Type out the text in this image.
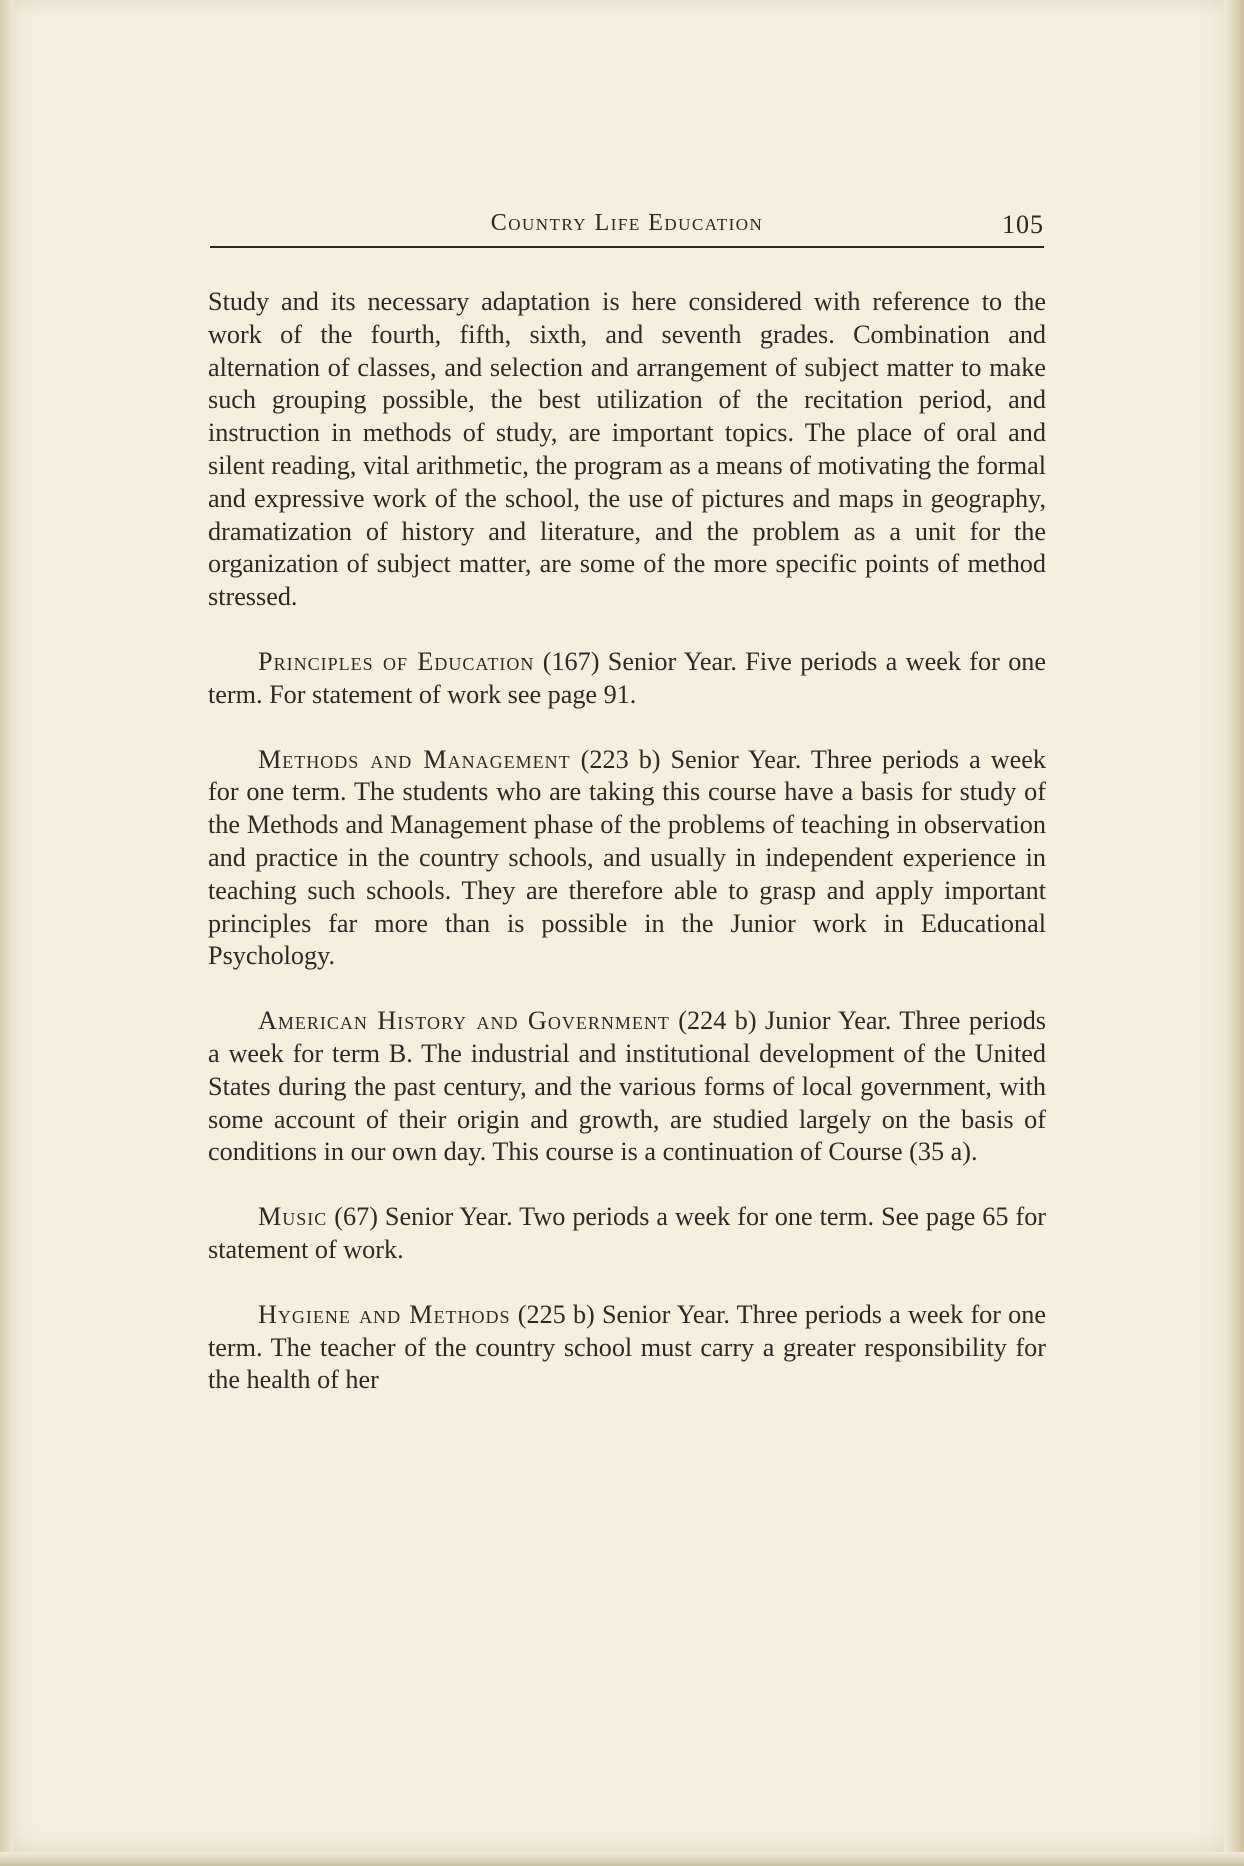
Country Life Education	105

Study and its necessary adaptation is here considered with reference to the work of the fourth, fifth, sixth, and seventh grades. Combination and alternation of classes, and selection and arrangement of subject matter to make such grouping possible, the best utilization of the recitation period, and instruction in methods of study, are important topics. The place of oral and silent reading, vital arithmetic, the program as a means of motivating the formal and expressive work of the school, the use of pictures and maps in geography, dramatization of history and literature, and the problem as a unit for the organization of subject matter, are some of the more specific points of method stressed.

Principles of Education (167) Senior Year. Five periods a week for one term. For statement of work see page 91.

Methods and Management (223 b) Senior Year. Three periods a week for one term. The students who are taking this course have a basis for study of the Methods and Management phase of the problems of teaching in observation and practice in the country schools, and usually in independent experience in teaching such schools. They are therefore able to grasp and apply important principles far more than is possible in the Junior work in Educational Psychology.

American History and Government (224 b) Junior Year. Three periods a week for term B. The industrial and institutional development of the United States during the past century, and the various forms of local government, with some account of their origin and growth, are studied largely on the basis of conditions in our own day. This course is a continuation of Course (35 a).

Music (67) Senior Year. Two periods a week for one term. See page 65 for statement of work.

Hygiene and Methods (225 b) Senior Year. Three periods a week for one term. The teacher of the country school must carry a greater responsibility for the health of her
